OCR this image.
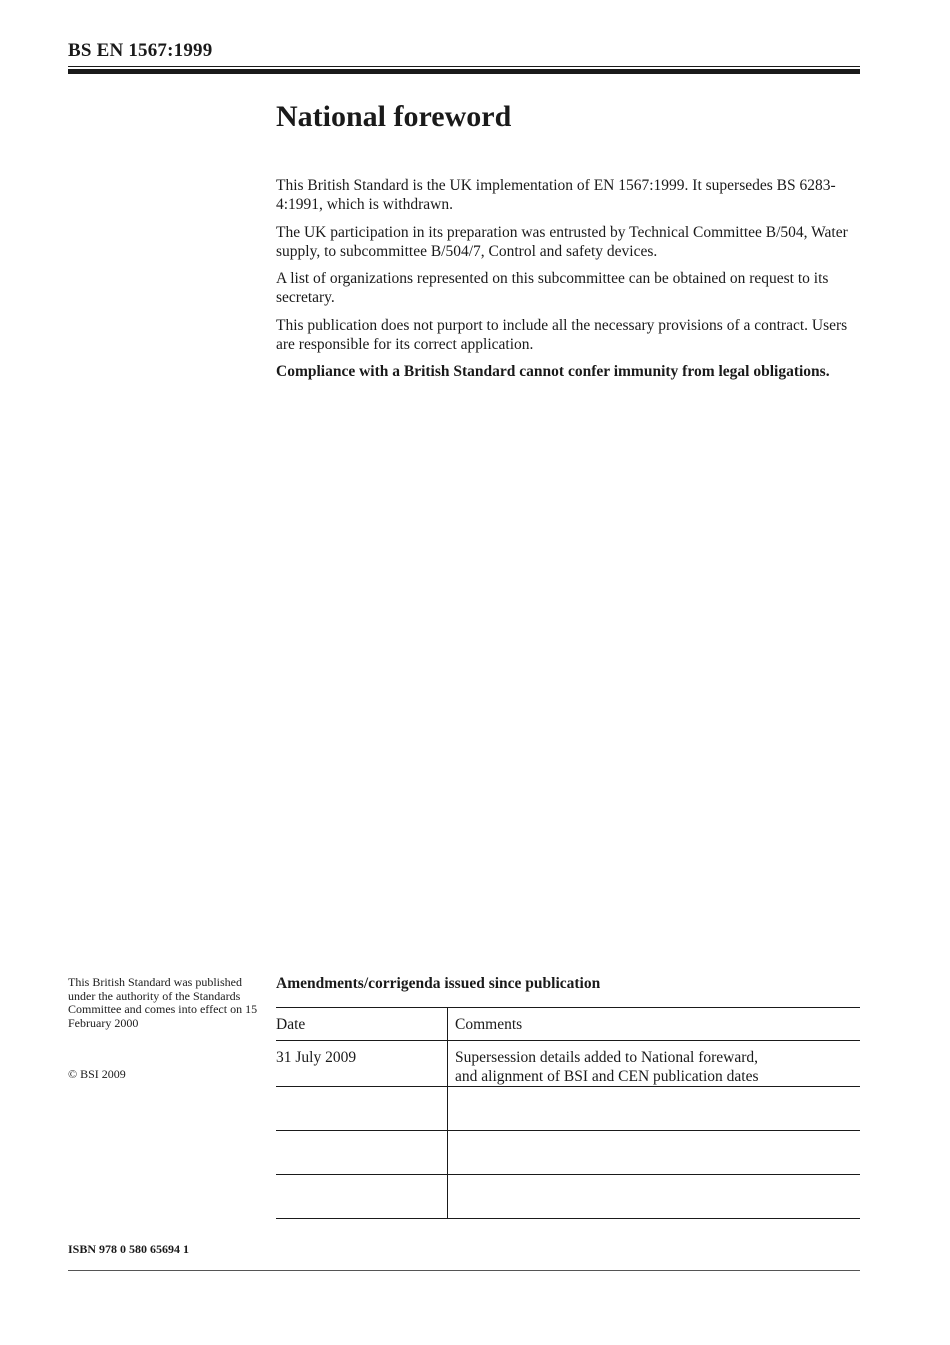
BS EN 1567:1999
National foreword

This British Standard is the UK implementation of EN 1567:1999. It supersedes BS 6283-4:1991, which is withdrawn.

The UK participation in its preparation was entrusted by Technical Committee B/504, Water supply, to subcommittee B/504/7, Control and safety devices.

A list of organizations represented on this subcommittee can be obtained on request to its secretary.

This publication does not purport to include all the necessary provisions of a contract. Users are responsible for its correct application.

Compliance with a British Standard cannot confer immunity from legal obligations.

This British Standard was published under the authority of the Standards Committee and comes into effect on 15 February 2000
© BSI 2009
ISBN 978 0 580 65694 1
Amendments/corrigenda issued since publication
Date	Comments
31 July 2009	Supersession details added to National foreward,
and alignment of BSI and CEN publication dates
